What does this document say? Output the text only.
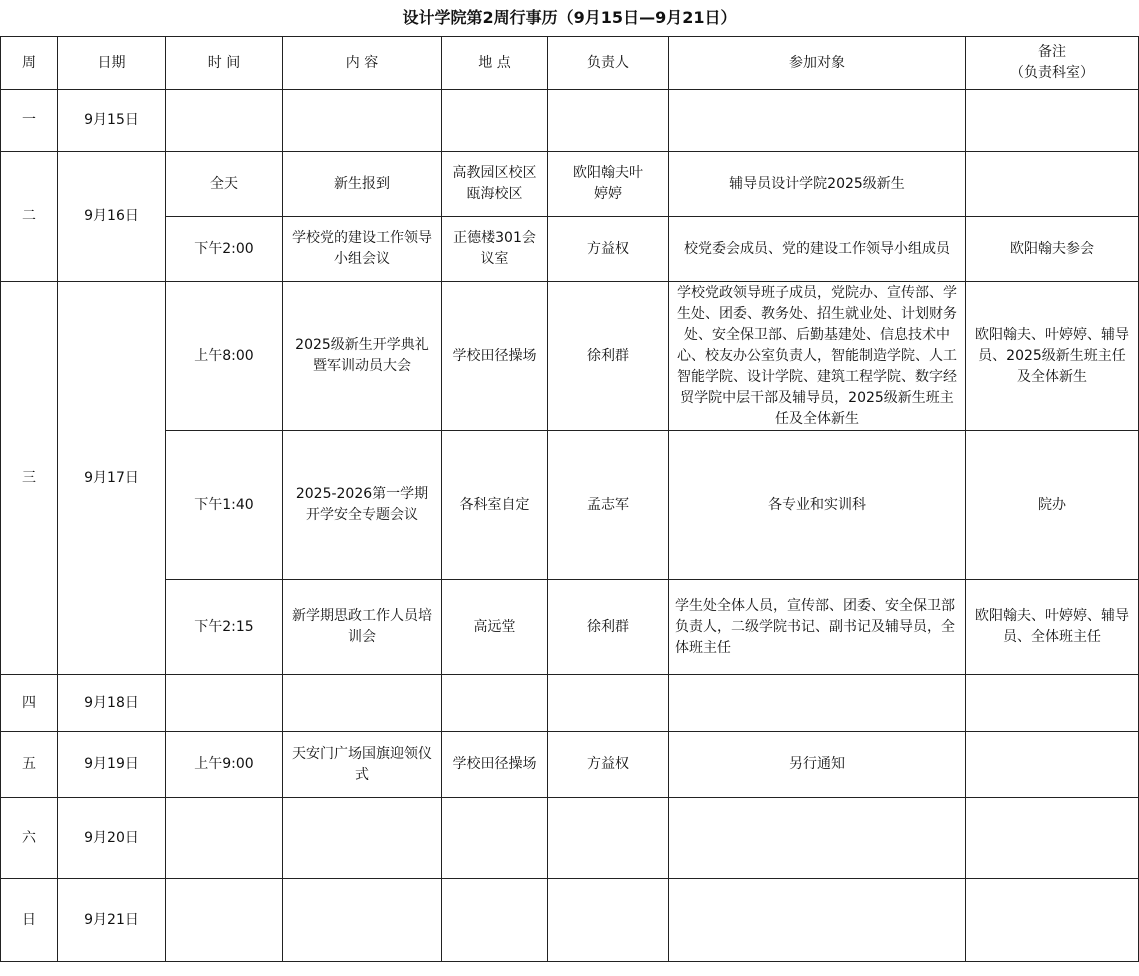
设计学院第2周行事历（9月15日—9月21日）
周	日期	时 间	内 容	地 点	负责人	参加对象	备注
（负责科室）

一	9月15日						
二	9月16日	全天	新生报到	高教园区校区瓯海校区	欧阳翰夫叶婷婷	辅导员设计学院2025级新生	
		下午2:00	学校党的建设工作领导小组会议	正德楼301会议室	方益权	校党委会成员、党的建设工作领导小组成员	欧阳翰夫参会
三	9月17日	上午8:00	2025级新生开学典礼暨军训动员大会	学校田径操场	徐利群	学校党政领导班子成员，党院办、宣传部、学生处、团委、教务处、招生就业处、计划财务处、安全保卫部、后勤基建处、信息技术中心、校友办公室负责人，智能制造学院、人工智能学院、设计学院、建筑工程学院、数字经贸学院中层干部及辅导员，2025级新生班主任及全体新生	欧阳翰夫、叶婷婷、辅导员、2025级新生班主任及全体新生
		下午1:40	2025-2026第一学期开学安全专题会议	各科室自定	孟志军	各专业和实训科	院办
		下午2:15	新学期思政工作人员培训会	高远堂	徐利群	学生处全体人员，宣传部、团委、安全保卫部负责人，二级学院书记、副书记及辅导员，全体班主任	欧阳翰夫、叶婷婷、辅导员、全体班主任
四	9月18日						
五	9月19日	上午9:00	天安门广场国旗迎领仪式	学校田径操场	方益权	另行通知	
六	9月20日						
日	9月21日						
